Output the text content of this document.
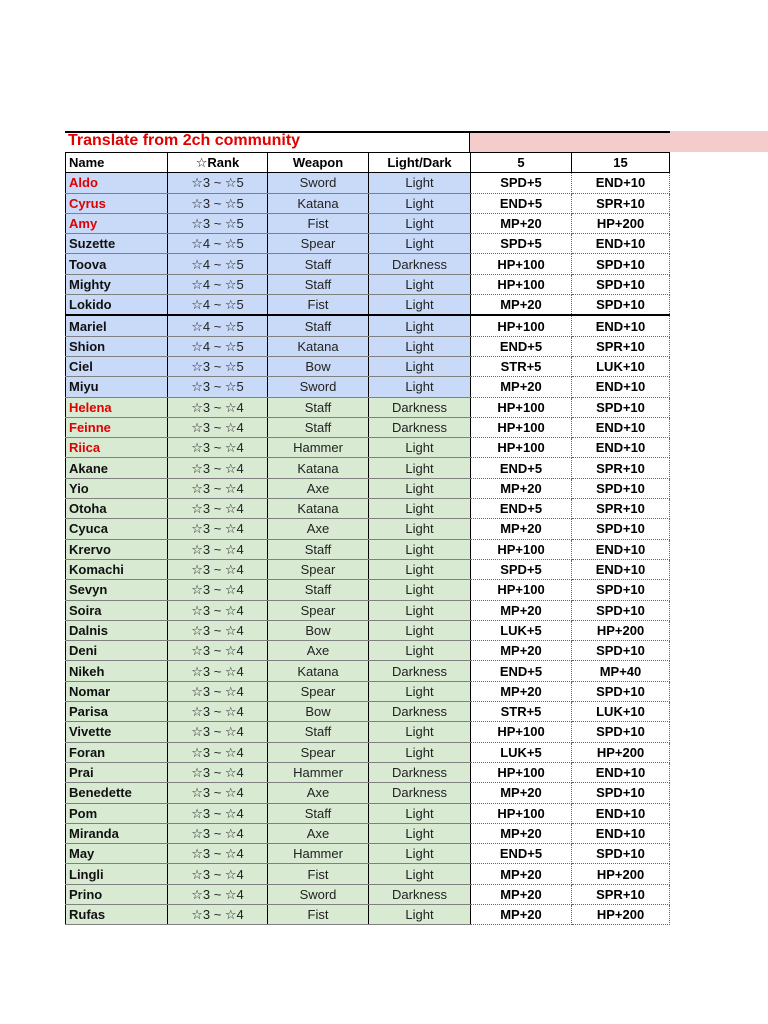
Translate from 2ch community
Name	☆Rank	Weapon	Light/Dark	5	15
Aldo	☆3 ~ ☆5	Sword	Light	SPD+5	END+10
Cyrus	☆3 ~ ☆5	Katana	Light	END+5	SPR+10
Amy	☆3 ~ ☆5	Fist	Light	MP+20	HP+200
Suzette	☆4 ~ ☆5	Spear	Light	SPD+5	END+10
Toova	☆4 ~ ☆5	Staff	Darkness	HP+100	SPD+10
Mighty	☆4 ~ ☆5	Staff	Light	HP+100	SPD+10
Lokido	☆4 ~ ☆5	Fist	Light	MP+20	SPD+10
Mariel	☆4 ~ ☆5	Staff	Light	HP+100	END+10
Shion	☆4 ~ ☆5	Katana	Light	END+5	SPR+10
Ciel	☆3 ~ ☆5	Bow	Light	STR+5	LUK+10
Miyu	☆3 ~ ☆5	Sword	Light	MP+20	END+10
Helena	☆3 ~ ☆4	Staff	Darkness	HP+100	SPD+10
Feinne	☆3 ~ ☆4	Staff	Darkness	HP+100	END+10
Riica	☆3 ~ ☆4	Hammer	Light	HP+100	END+10
Akane	☆3 ~ ☆4	Katana	Light	END+5	SPR+10
Yio	☆3 ~ ☆4	Axe	Light	MP+20	SPD+10
Otoha	☆3 ~ ☆4	Katana	Light	END+5	SPR+10
Cyuca	☆3 ~ ☆4	Axe	Light	MP+20	SPD+10
Krervo	☆3 ~ ☆4	Staff	Light	HP+100	END+10
Komachi	☆3 ~ ☆4	Spear	Light	SPD+5	END+10
Sevyn	☆3 ~ ☆4	Staff	Light	HP+100	SPD+10
Soira	☆3 ~ ☆4	Spear	Light	MP+20	SPD+10
Dalnis	☆3 ~ ☆4	Bow	Light	LUK+5	HP+200
Deni	☆3 ~ ☆4	Axe	Light	MP+20	SPD+10
Nikeh	☆3 ~ ☆4	Katana	Darkness	END+5	MP+40
Nomar	☆3 ~ ☆4	Spear	Light	MP+20	SPD+10
Parisa	☆3 ~ ☆4	Bow	Darkness	STR+5	LUK+10
Vivette	☆3 ~ ☆4	Staff	Light	HP+100	SPD+10
Foran	☆3 ~ ☆4	Spear	Light	LUK+5	HP+200
Prai	☆3 ~ ☆4	Hammer	Darkness	HP+100	END+10
Benedette	☆3 ~ ☆4	Axe	Darkness	MP+20	SPD+10
Pom	☆3 ~ ☆4	Staff	Light	HP+100	END+10
Miranda	☆3 ~ ☆4	Axe	Light	MP+20	END+10
May	☆3 ~ ☆4	Hammer	Light	END+5	SPD+10
Lingli	☆3 ~ ☆4	Fist	Light	MP+20	HP+200
Prino	☆3 ~ ☆4	Sword	Darkness	MP+20	SPR+10
Rufas	☆3 ~ ☆4	Fist	Light	MP+20	HP+200
